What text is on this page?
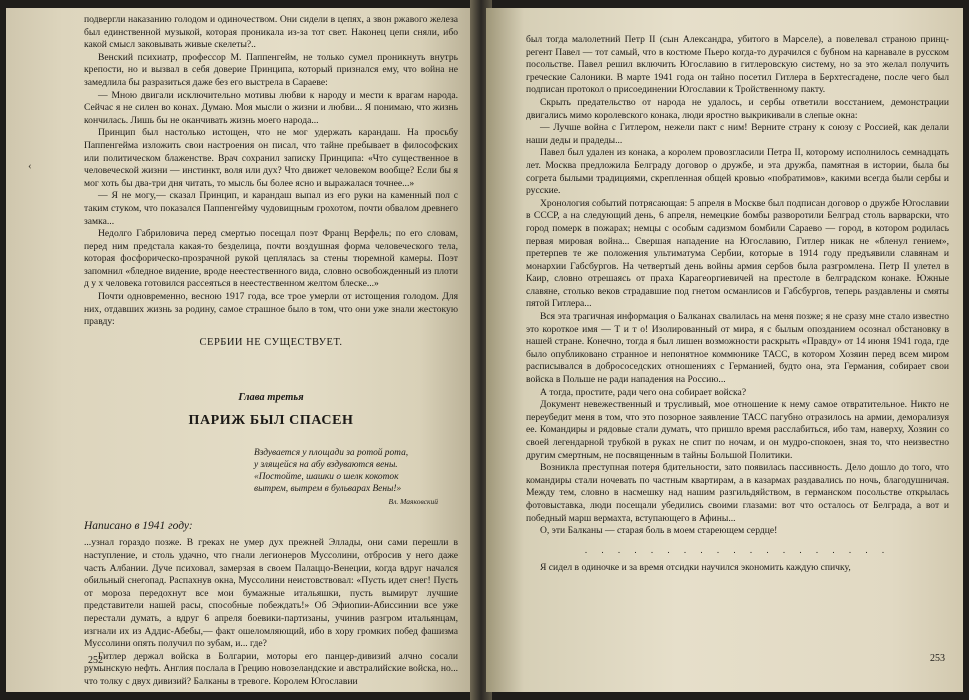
‹

подвергли наказанию голодом и одиночеством. Они сидели в цепях, а звон ржавого железа был единственной музыкой, которая проникала из-за тот свет. Наконец цепи сняли, ибо какой смысл заковывать живые скелеты?..

Венский психиатр, профессор М. Паппенгейм, не только сумел проникнуть внутрь крепости, но и вызвал в себя доверие Принципа, который признался ему, что война не замедлила бы разразиться даже без его выстрела в Сараеве:

— Мною двигали исключительно мотивы любви к народу и мести к врагам народа. Сейчас я не силен во конах. Думаю. Моя мысли о жизни и любви... Я понимаю, что жизнь кончилась. Лишь бы не оканчивать жизнь моего народа...

Принцип был настолько истощен, что не мог удержать карандаш. На просьбу Паппенгейма изложить свои настроения он писал, что тайне пребывает в философских или политическом блаженстве. Врач сохранил записку Принципа: «Что существенное в человеческой жизни — инстинкт, воля или дух? Что движет человеком вообще? Если бы я мог хоть бы два-три дня читать, то мысль бы более ясно и выражалася точнее...»

— Я не могу,— сказал Принцип, и карандаш выпал из его руки на каменный пол с таким стуком, что показался Паппенгейму чудовищным грохотом, почти обвалом древнего замка...

Недолго Габриловича перед смертью посещал поэт Франц Верфель; по его словам, перед ним предстала какая-то безделица, почти воздушная форма человеческого тела, которая фосфорическо-прозрачной рукой цеплялась за стены тюремной камеры. Поэт запомнил «бледное видение, вроде неестественного вида, словно освобожденный из плоти д у х человека готовился рассеяться в неестественном желтом блеске...»

Почти одновременно, весною 1917 года, все трое умерли от истощения голодом. Для них, отдавших жизнь за родину, самое страшное было в том, что они уже знали жестокую правду:

СЕРБИИ НЕ СУЩЕСТВУЕТ.
Глава третья
ПАРИЖ БЫЛ СПАСЕН
Вздувается у площади за ротой рота,
у злящейся на абу вздуваются вены.
«Постойте, шашки о шелк кокоток
вытрем, вытрем в бульварах Вены!»
Вл. Маяковский

Написано в 1941 году:

...узнал гораздо позже. В греках не умер дух прежней Эллады, они сами перешли в наступление, и столь удачно, что гнали легионеров Муссолини, отбросив у него даже часть Албании. Дуче психовал, замерзая в своем Палаццо-Венеции, когда вдруг начался обильный снегопад. Распахнув окна, Муссолини неистовствовал: «Пусть идет снег! Пусть от мороза передохнут все мои бумажные итальяшки, пусть вымирут лучшие представители нашей расы, способные побеждать!» Об Эфиопии-Абиссинии все уже перестали думать, а вдруг 6 апреля боевики-партизаны, учинив разгром итальянцам, изгнали их из Аддис-Абебы,— факт ошеломляющий, ибо в хору громких побед фашизма Муссолини опять получил по зубам, и... где?

Гитлер держал войска в Болгарии, моторы его панцер-дивизий алчно сосали румынскую нефть. Англия послала в Грецию новозеландские и австралийские войска, но... что толку с двух дивизий? Балканы в тревоге. Королем Югославии

252

был тогда малолетний Петр II (сын Александра, убитого в Марселе), а повелевал страною принц-регент Павел — тот самый, что в костюме Пьеро когда-то дурачился с бубном на карнавале в русском посольстве. Павел решил включить Югославию в гитлеровскую систему, но за это желал получить греческие Салоники. В марте 1941 года он тайно посетил Гитлера в Берхтесгадене, после чего был подписан протокол о присоединении Югославии к Тройственному пакту.

Скрыть предательство от народа не удалось, и сербы ответили восстанием, демонстрации двигались мимо королевского конака, люди яростно выкрикивали в слепые окна:

— Лучше война с Гитлером, нежели пакт с ним! Верните страну к союзу с Россией, как делали наши деды и прадеды...

Павел был удален из конака, а королем провозгласили Петра II, которому исполнилось семнадцать лет. Москва предложила Белграду договор о дружбе, и эта дружба, памятная в истории, была бы согрета былыми традициями, скрепленная общей кровью «побратимов», какими всегда были сербы и русские.

Хронология событий потрясающая: 5 апреля в Москве был подписан договор о дружбе Югославии в СССР, а на следующий день, 6 апреля, немецкие бомбы разворотили Белград столь варварски, что город померк в пожарах; немцы с особым садизмом бомбили Сараево — город, в котором родилась первая мировая война... Свершая нападение на Югославию, Гитлер никак не «бленул гением», претерпев те же положения ультиматума Сербии, которые в 1914 году предъявили славянам и монархии Габсбургов. На четвертый день войны армия сербов была разгромлена. Петр II улетел в Каир, словно отрешаясь от праха Карагеоргиевичей на престоле в белградском конаке. Южные славяне, столько веков страдавшие под гнетом османлисов и Габсбургов, теперь раздавлены и смяты пятой Гитлера...

Вся эта трагичная информация о Балканах свалилась на меня позже; я не сразу мне стало известно это короткое имя — Т и т о! Изолированный от мира, я с былым опозданием осознал обстановку в нашей стране. Конечно, тогда я был лишен возможности раскрыть «Правду» от 14 июня 1941 года, где было опубликовано странное и непонятное коммюнике ТАСС, в котором Хозяин перед всем миром расписывался в добрососедских отношениях с Германией, будто она, эта Германия, собирает свои войска в Польше не ради нападения на Россию...

А тогда, простите, ради чего она собирает войска?

Документ невежественный и трусливый, мое отношение к нему самое отвратительное. Никто не переубедит меня в том, что это позорное заявление ТАСС пагубно отразилось на армии, деморализуя ее. Командиры и рядовые стали думать, что пришло время расслабиться, ибо там, наверху, Хозяин со своей легендарной трубкой в руках не спит по ночам, и он мудро-спокоен, зная то, что неизвестно другим смертным, не посвященным в тайны Большой Политики.

Возникла преступная потеря бдительности, зато появилась пассивность. Дело дошло до того, что командиры стали ночевать по частным квартирам, а в казармах раздавались по ночь, благодушничая. Между тем, словно в насмешку над нашим разгильдяйством, в германском посольстве открылась фотовыставка, люди посещали убедились своими глазами: вот что осталось от Белграда, а вот и победный марш вермахта, вступающего в Афины...

О, эти Балканы — старая боль в моем стареющем сердце!

. . . . . . . . . . . . . . . . . . .

Я сидел в одиночке и за время отсидки научился экономить каждую спичку,

253
